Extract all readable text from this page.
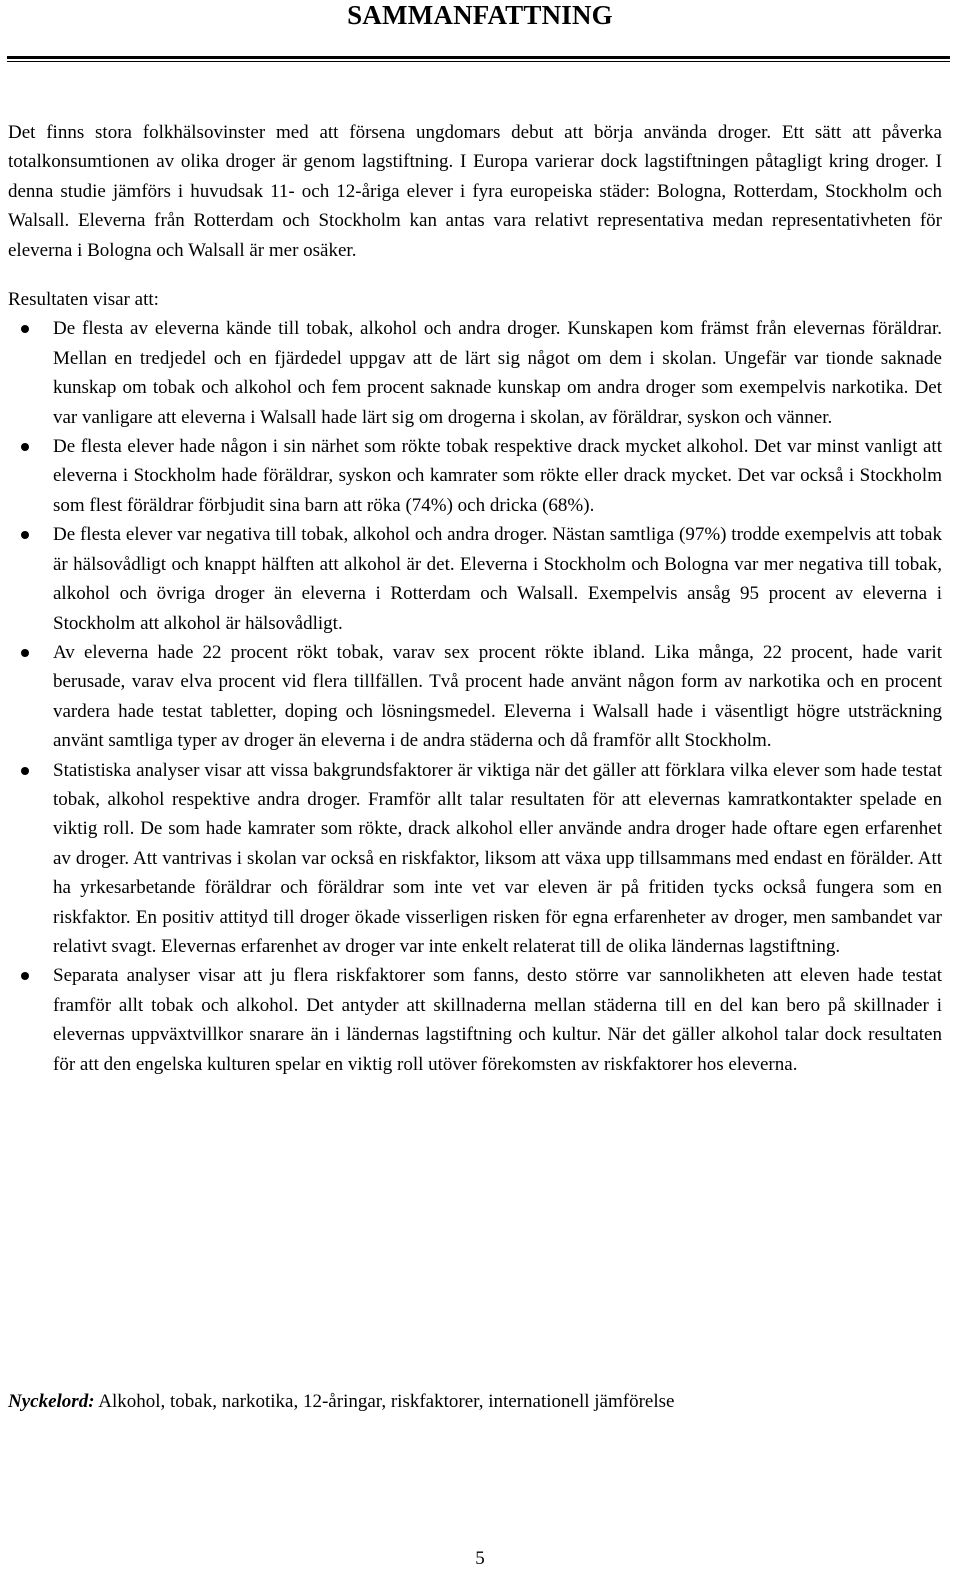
SAMMANFATTNING

Det finns stora folkhälsovinster med att försena ungdomars debut att börja använda droger. Ett sätt att påverka totalkonsumtionen av olika droger är genom lagstiftning. I Europa varierar dock lagstiftningen påtagligt kring droger. I denna studie jämförs i huvudsak 11- och 12-åriga elever i fyra europeiska städer: Bologna, Rotterdam, Stockholm och Walsall. Eleverna från Rotterdam och Stockholm kan antas vara relativt representativa medan representativheten för eleverna i Bologna och Walsall är mer osäker.

Resultaten visar att:

De flesta av eleverna kände till tobak, alkohol och andra droger. Kunskapen kom främst från elevernas föräldrar. Mellan en tredjedel och en fjärdedel uppgav att de lärt sig något om dem i skolan. Ungefär var tionde saknade kunskap om tobak och alkohol och fem procent saknade kunskap om andra droger som exempelvis narkotika. Det var vanligare att eleverna i Walsall hade lärt sig om drogerna i skolan, av föräldrar, syskon och vänner.
De flesta elever hade någon i sin närhet som rökte tobak respektive drack mycket alkohol. Det var minst vanligt att eleverna i Stockholm hade föräldrar, syskon och kamrater som rökte eller drack mycket. Det var också i Stockholm som flest föräldrar förbjudit sina barn att röka (74%) och dricka (68%).
De flesta elever var negativa till tobak, alkohol och andra droger. Nästan samtliga (97%) trodde exempelvis att tobak är hälsovådligt och knappt hälften att alkohol är det. Eleverna i Stockholm och Bologna var mer negativa till tobak, alkohol och övriga droger än eleverna i Rotterdam och Walsall. Exempelvis ansåg 95 procent av eleverna i Stockholm att alkohol är hälsovådligt.
Av eleverna hade 22 procent rökt tobak, varav sex procent rökte ibland. Lika många, 22 procent, hade varit berusade, varav elva procent vid flera tillfällen. Två procent hade använt någon form av narkotika och en procent vardera hade testat tabletter, doping och lösningsmedel. Eleverna i Walsall hade i väsentligt högre utsträckning använt samtliga typer av droger än eleverna i de andra städerna och då framför allt Stockholm.
Statistiska analyser visar att vissa bakgrundsfaktorer är viktiga när det gäller att förklara vilka elever som hade testat tobak, alkohol respektive andra droger. Framför allt talar resultaten för att elevernas kamratkontakter spelade en viktig roll. De som hade kamrater som rökte, drack alkohol eller använde andra droger hade oftare egen erfarenhet av droger. Att vantrivas i skolan var också en riskfaktor, liksom att växa upp tillsammans med endast en förälder. Att ha yrkesarbetande föräldrar och föräldrar som inte vet var eleven är på fritiden tycks också fungera som en riskfaktor. En positiv attityd till droger ökade visserligen risken för egna erfarenheter av droger, men sambandet var relativt svagt. Elevernas erfarenhet av droger var inte enkelt relaterat till de olika ländernas lagstiftning.
Separata analyser visar att ju flera riskfaktorer som fanns, desto större var sannolikheten att eleven hade testat framför allt tobak och alkohol. Det antyder att skillnaderna mellan städerna till en del kan bero på skillnader i elevernas uppväxtvillkor snarare än i ländernas lagstiftning och kultur. När det gäller alkohol talar dock resultaten för att den engelska kulturen spelar en viktig roll utöver förekomsten av riskfaktorer hos eleverna.
Nyckelord: Alkohol, tobak, narkotika, 12-åringar, riskfaktorer, internationell jämförelse
5
